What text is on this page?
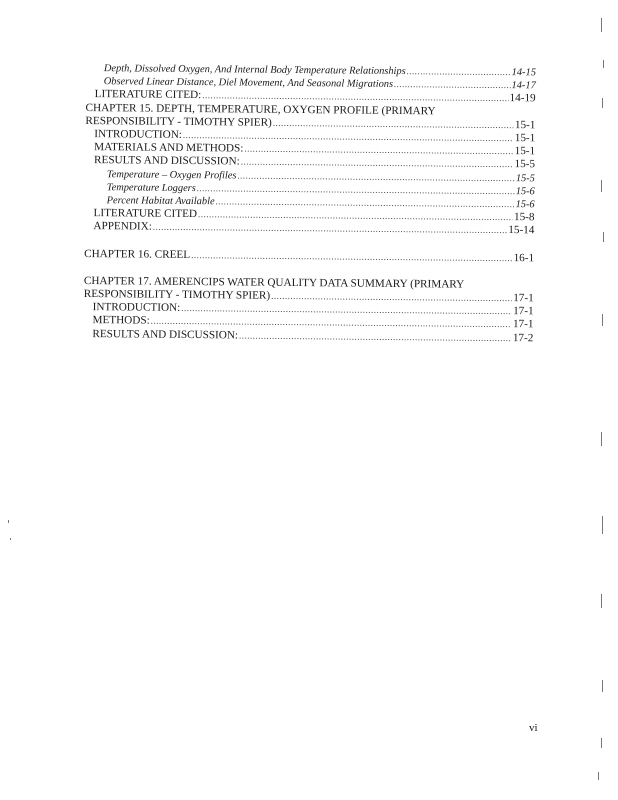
Depth, Dissolved Oxygen, And Internal Body Temperature Relationships .....	14-15
Observed Linear Distance, Diel Movement, And Seasonal Migrations .....	14-17
LITERATURE CITED: .....	14-19
CHAPTER 15. DEPTH, TEMPERATURE, OXYGEN PROFILE (PRIMARY
RESPONSIBILITY - TIMOTHY SPIER) .....	15-1
INTRODUCTION: .....	15-1
MATERIALS AND METHODS: .....	15-1
RESULTS AND DISCUSSION: .....	15-5
Temperature – Oxygen Profiles .....	15-5
Temperature Loggers .....	15-6
Percent Habitat Available .....	15-6
LITERATURE CITED .....	15-8
APPENDIX: .....	15-14
CHAPTER 16. CREEL .....	16-1
CHAPTER 17. AMERENCIPS WATER QUALITY DATA SUMMARY (PRIMARY
RESPONSIBILITY - TIMOTHY SPIER) .....	17-1
INTRODUCTION: .....	17-1
METHODS: .....	17-1
RESULTS AND DISCUSSION: .....	17-2
vi
